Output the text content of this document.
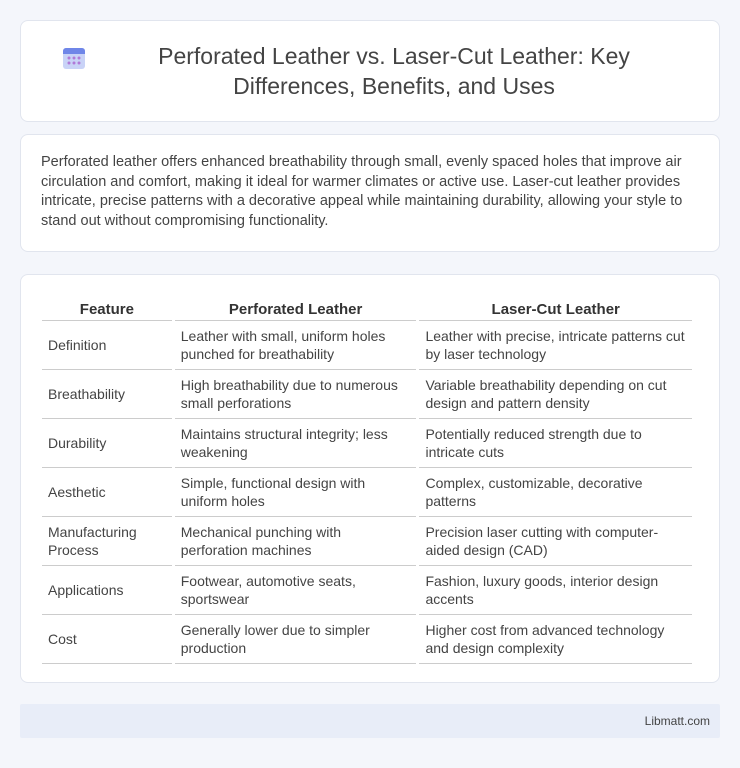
Perforated Leather vs. Laser-Cut Leather: Key Differences, Benefits, and Uses

Perforated leather offers enhanced breathability through small, evenly spaced holes that improve air circulation and comfort, making it ideal for warmer climates or active use. Laser-cut leather provides intricate, precise patterns with a decorative appeal while maintaining durability, allowing your style to stand out without compromising functionality.

Feature	Perforated Leather	Laser-Cut Leather
Definition	Leather with small, uniform holes punched for breathability	Leather with precise, intricate patterns cut by laser technology
Breathability	High breathability due to numerous small perforations	Variable breathability depending on cut design and pattern density
Durability	Maintains structural integrity; less weakening	Potentially reduced strength due to intricate cuts
Aesthetic	Simple, functional design with uniform holes	Complex, customizable, decorative patterns
Manufacturing Process	Mechanical punching with perforation machines	Precision laser cutting with computer-aided design (CAD)
Applications	Footwear, automotive seats, sportswear	Fashion, luxury goods, interior design accents
Cost	Generally lower due to simpler production	Higher cost from advanced technology and design complexity
Libmatt.com
